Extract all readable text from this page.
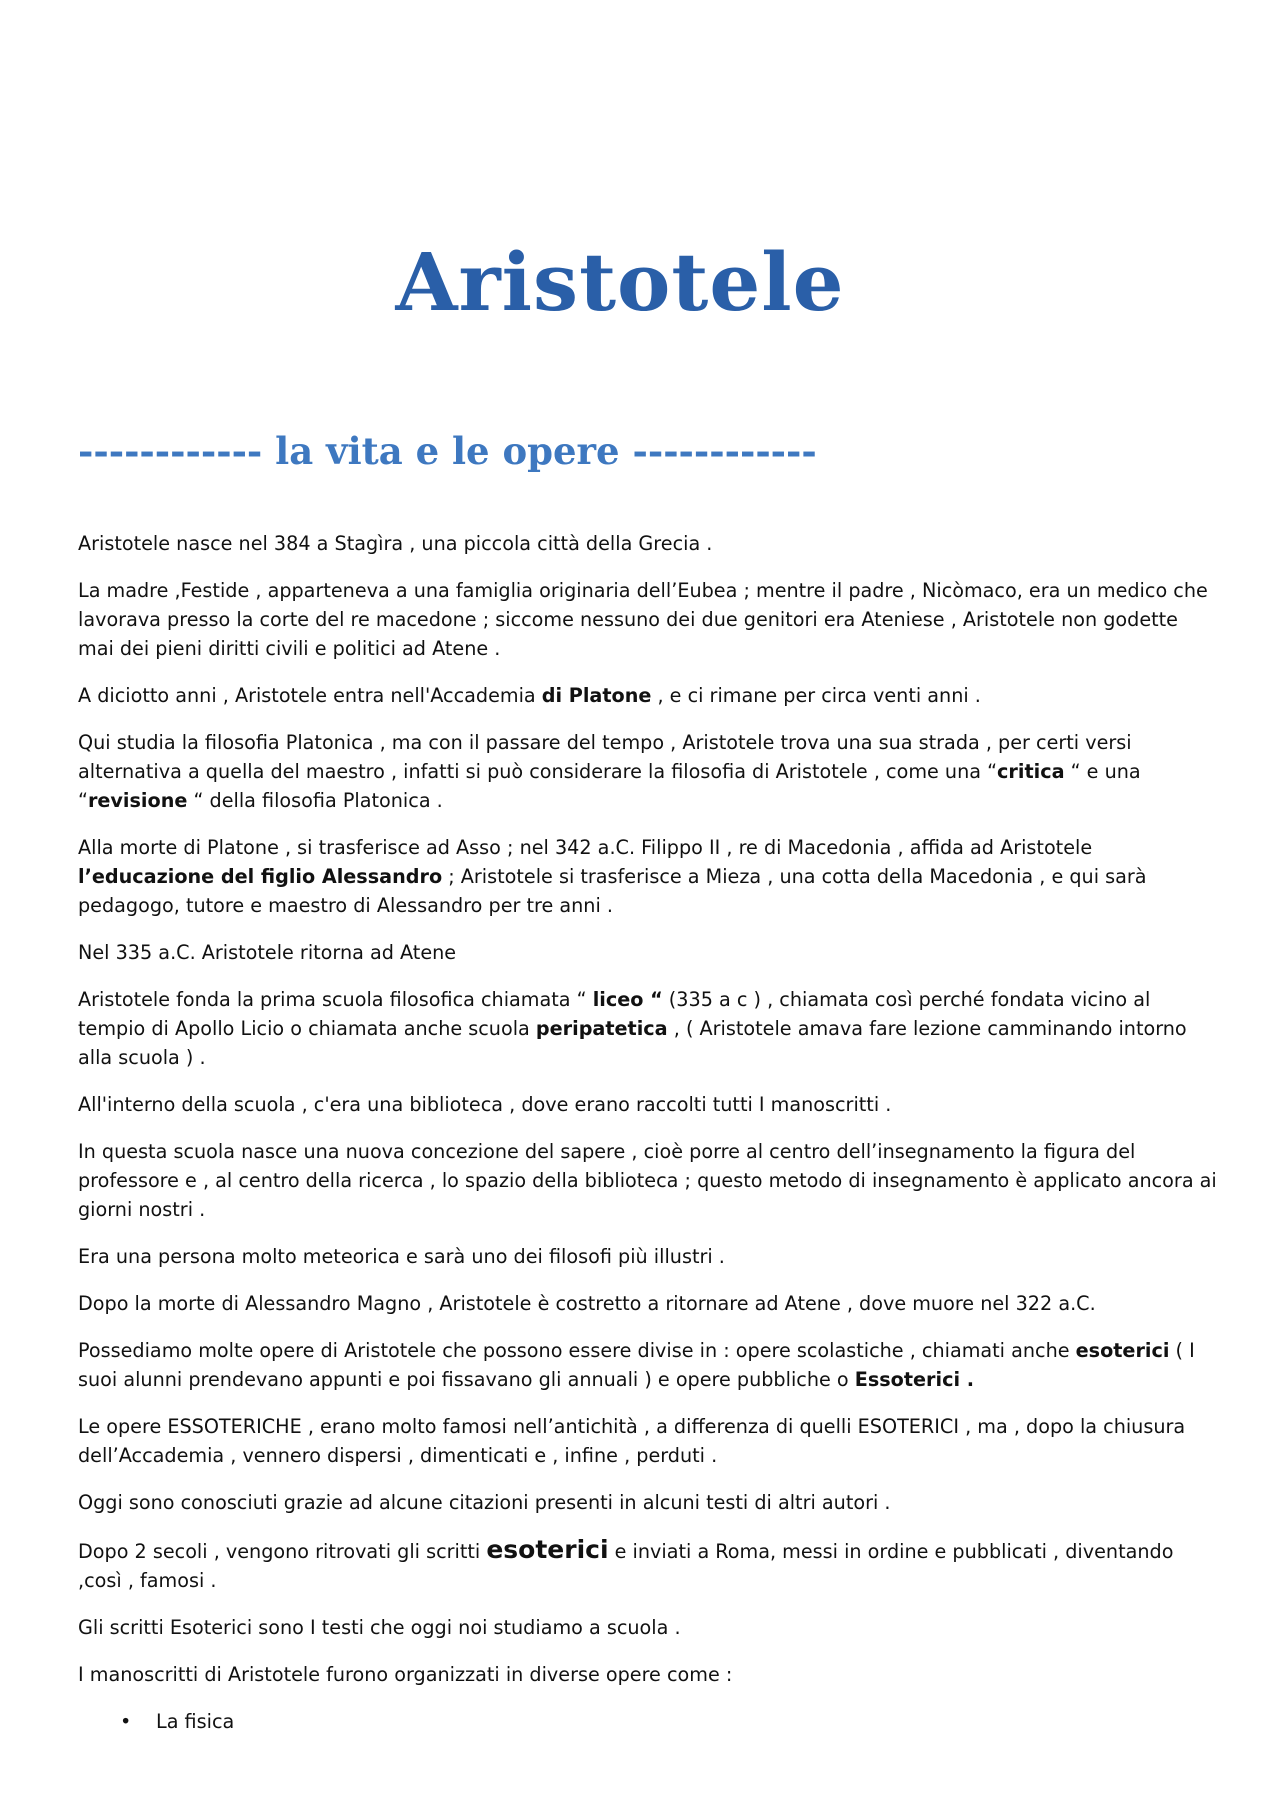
Aristotele
------------ la vita e le opere ------------

Aristotele nasce nel 384 a Stagìra , una piccola città della Grecia .

La madre ,Festide , apparteneva a una famiglia originaria dell’Eubea ; mentre il padre , Nicòmaco, era un medico che lavorava presso la corte del re macedone ; siccome nessuno dei due genitori era Ateniese , Aristotele non godette mai dei pieni diritti civili e politici ad Atene .

A diciotto anni , Aristotele entra nell'Accademia di Platone , e ci rimane per circa venti anni .

Qui studia la filosofia Platonica , ma con il passare del tempo , Aristotele trova una sua strada , per certi versi alternativa a quella del maestro , infatti si può considerare la filosofia di Aristotele , come una “critica “ e una “revisione “ della filosofia Platonica .

Alla morte di Platone , si trasferisce ad Asso ; nel 342 a.C. Filippo II , re di Macedonia , affida ad Aristotele l’educazione del figlio Alessandro ; Aristotele si trasferisce a Mieza , una cotta della Macedonia , e qui sarà pedagogo, tutore e maestro di Alessandro per tre anni .

Nel 335 a.C. Aristotele ritorna ad Atene

Aristotele fonda la prima scuola filosofica chiamata “ liceo “ (335 a c ) , chiamata così perché fondata vicino al tempio di Apollo Licio o chiamata anche scuola peripatetica , ( Aristotele amava fare lezione camminando intorno alla scuola ) .

All'interno della scuola , c'era una biblioteca , dove erano raccolti tutti I manoscritti .

In questa scuola nasce una nuova concezione del sapere , cioè porre al centro dell’insegnamento la figura del professore e , al centro della ricerca , lo spazio della biblioteca ; questo metodo di insegnamento è applicato ancora ai giorni nostri .

Era una persona molto meteorica e sarà uno dei filosofi più illustri .

Dopo la morte di Alessandro Magno , Aristotele è costretto a ritornare ad Atene , dove muore nel 322 a.C.

Possediamo molte opere di Aristotele che possono essere divise in : opere scolastiche , chiamati anche esoterici ( I suoi alunni prendevano appunti e poi fissavano gli annuali ) e opere pubbliche o Essoterici .

Le opere ESSOTERICHE , erano molto famosi nell’antichità , a differenza di quelli ESOTERICI , ma , dopo la chiusura dell’Accademia , vennero dispersi , dimenticati e , infine , perduti .

Oggi sono conosciuti grazie ad alcune citazioni presenti in alcuni testi di altri autori .

Dopo 2 secoli , vengono ritrovati gli scritti esoterici e inviati a Roma, messi in ordine e pubblicati , diventando ,così , famosi .

Gli scritti Esoterici sono I testi che oggi noi studiamo a scuola .

I manoscritti di Aristotele furono organizzati in diverse opere come :

• La fisica
